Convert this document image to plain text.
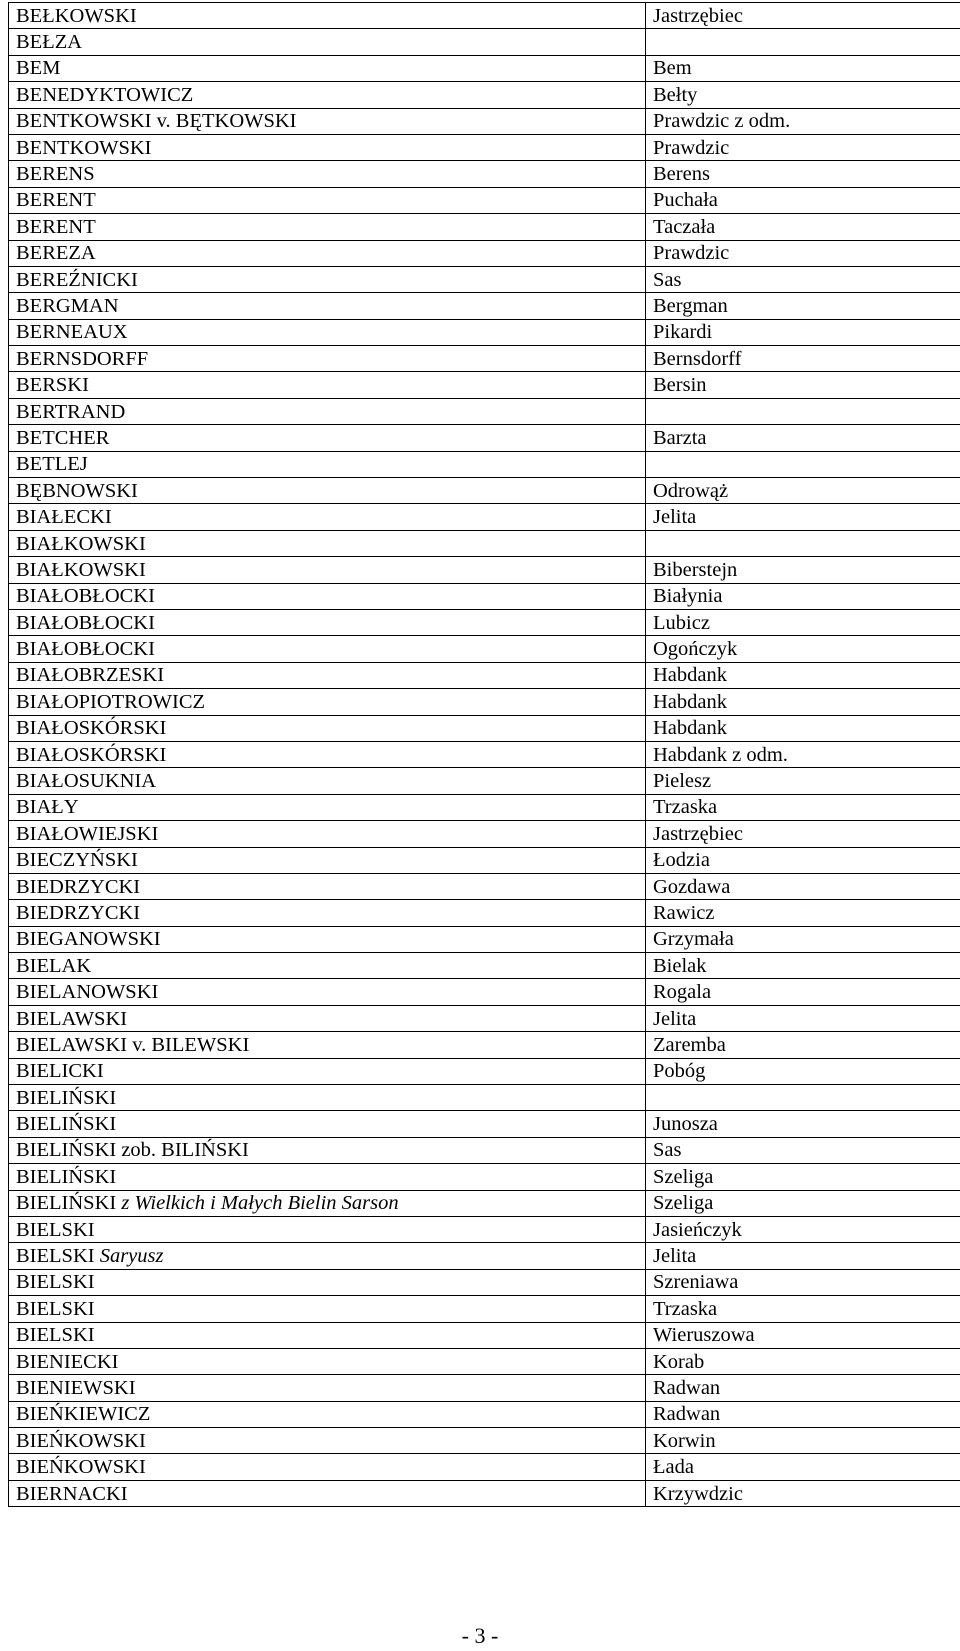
BEŁKOWSKI	Jastrzębiec
BEŁZA	
BEM	Bem
BENEDYKTOWICZ	Bełty
BENTKOWSKI v. BĘTKOWSKI	Prawdzic z odm.
BENTKOWSKI	Prawdzic
BERENS	Berens
BERENT	Puchała
BERENT	Taczała
BEREZA	Prawdzic
BEREŹNICKI	Sas
BERGMAN	Bergman
BERNEAUX	Pikardi
BERNSDORFF	Bernsdorff
BERSKI	Bersin
BERTRAND	
BETCHER	Barzta
BETLEJ	
BĘBNOWSKI	Odrowąż
BIAŁECKI	Jelita
BIAŁKOWSKI	
BIAŁKOWSKI	Biberstejn
BIAŁOBŁOCKI	Białynia
BIAŁOBŁOCKI	Lubicz
BIAŁOBŁOCKI	Ogończyk
BIAŁOBRZESKI	Habdank
BIAŁOPIOTROWICZ	Habdank
BIAŁOSKÓRSKI	Habdank
BIAŁOSKÓRSKI	Habdank z odm.
BIAŁOSUKNIA	Pielesz
BIAŁY	Trzaska
BIAŁOWIEJSKI	Jastrzębiec
BIECZYŃSKI	Łodzia
BIEDRZYCKI	Gozdawa
BIEDRZYCKI	Rawicz
BIEGANOWSKI	Grzymała
BIELAK	Bielak
BIELANOWSKI	Rogala
BIELAWSKI	Jelita
BIELAWSKI v. BILEWSKI	Zaremba
BIELICKI	Pobóg
BIELIŃSKI	
BIELIŃSKI	Junosza
BIELIŃSKI zob. BILIŃSKI	Sas
BIELIŃSKI	Szeliga
BIELIŃSKI z Wielkich i Małych Bielin Sarson	Szeliga
BIELSKI	Jasieńczyk
BIELSKI Saryusz	Jelita
BIELSKI	Szreniawa
BIELSKI	Trzaska
BIELSKI	Wieruszowa
BIENIECKI	Korab
BIENIEWSKI	Radwan
BIEŃKIEWICZ	Radwan
BIEŃKOWSKI	Korwin
BIEŃKOWSKI	Łada
BIERNACKI	Krzywdzic
- 3 -
